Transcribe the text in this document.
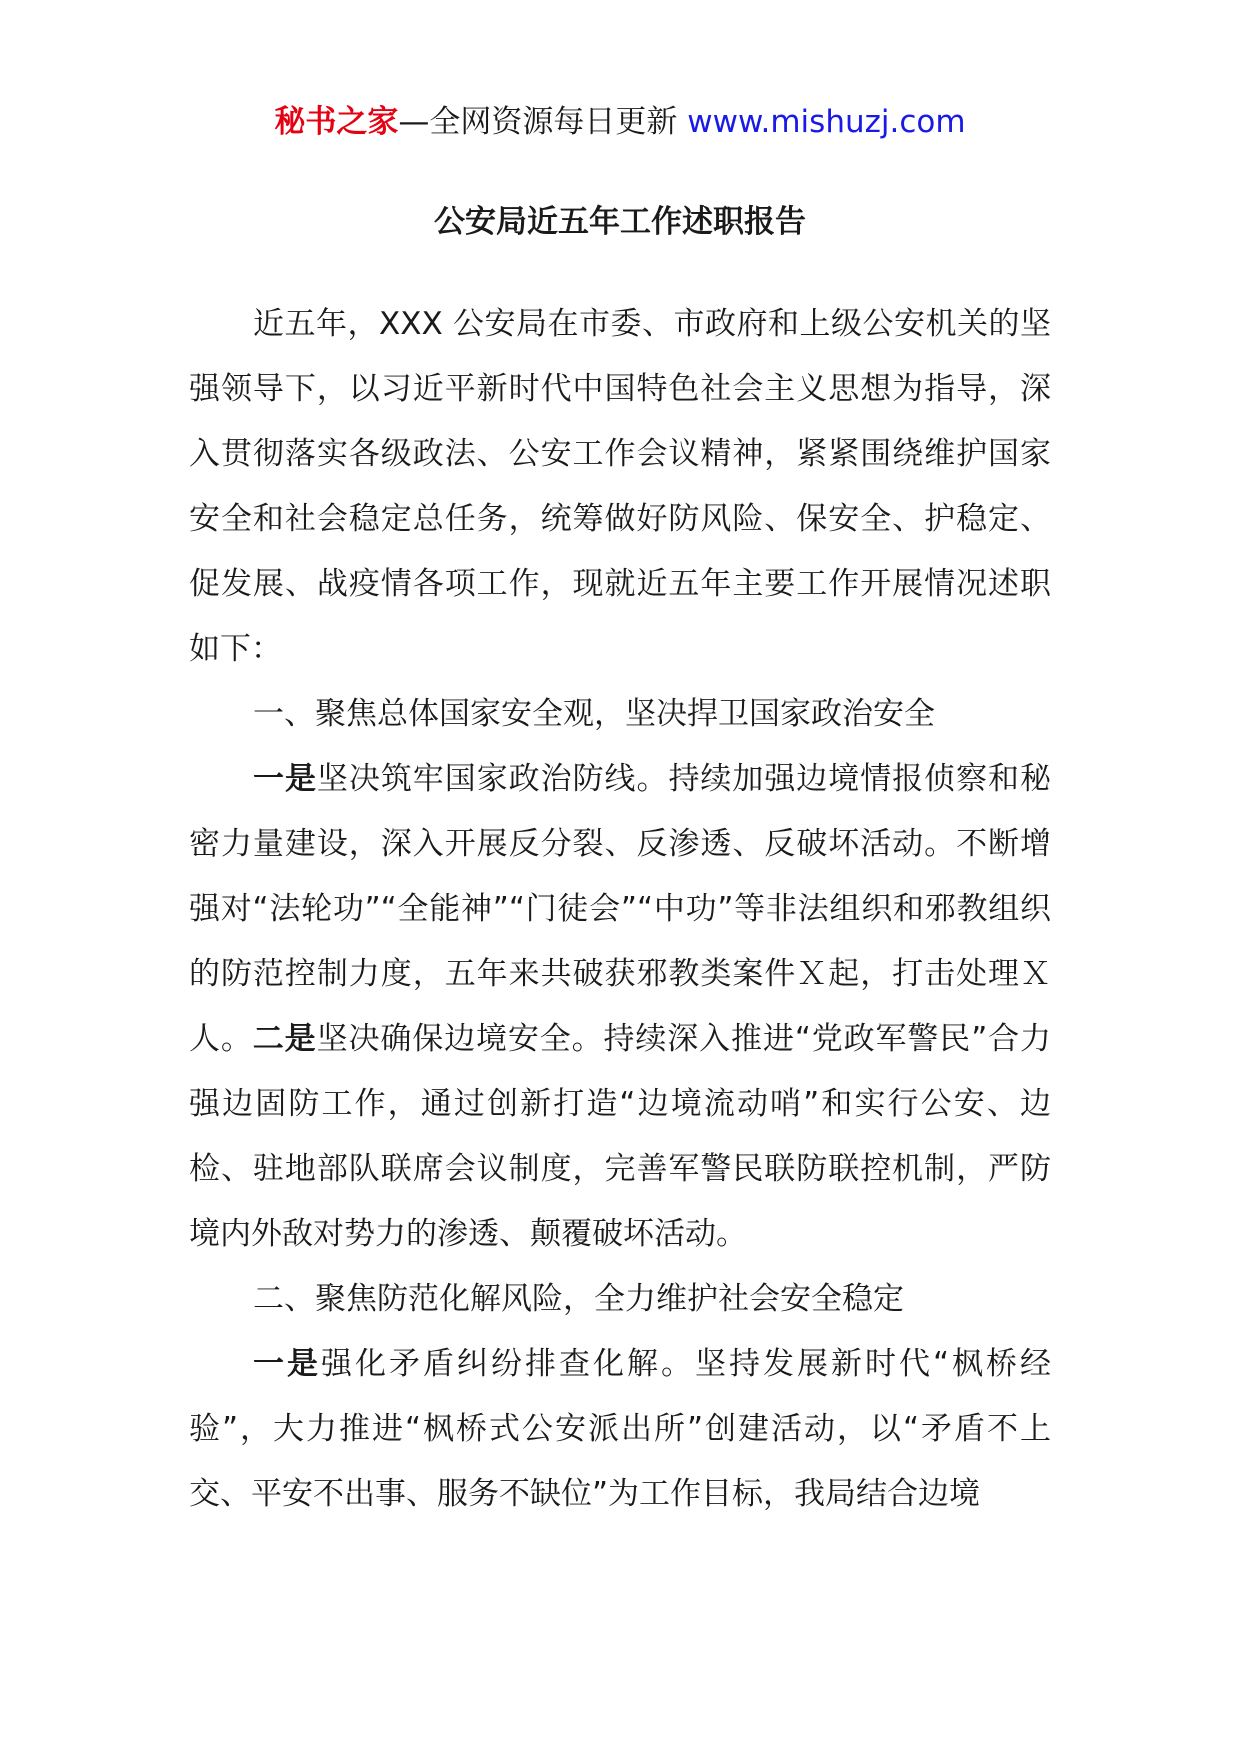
秘书之家—全网资源每日更新 www.mishuzj.com
公安局近五年工作述职报告

近五年，XXX 公安局在市委、市政府和上级公安机关的坚强领导下，以习近平新时代中国特色社会主义思想为指导，深入贯彻落实各级政法、公安工作会议精神，紧紧围绕维护国家安全和社会稳定总任务，统筹做好防风险、保安全、护稳定、促发展、战疫情各项工作，现就近五年主要工作开展情况述职如下：

一、聚焦总体国家安全观，坚决捍卫国家政治安全

一是坚决筑牢国家政治防线。持续加强边境情报侦察和秘密力量建设，深入开展反分裂、反渗透、反破坏活动。不断增强对“法轮功”“全能神”“门徒会”“中功”等非法组织和邪教组织的防范控制力度，五年来共破获邪教类案件Ｘ起，打击处理Ｘ人。二是坚决确保边境安全。持续深入推进“党政军警民”合力强边固防工作，通过创新打造“边境流动哨”和实行公安、边检、驻地部队联席会议制度，完善军警民联防联控机制，严防境内外敌对势力的渗透、颠覆破坏活动。

二、聚焦防范化解风险，全力维护社会安全稳定

一是强化矛盾纠纷排查化解。坚持发展新时代“枫桥经验”，大力推进“枫桥式公安派出所”创建活动，以“矛盾不上交、平安不出事、服务不缺位”为工作目标，我局结合边境
